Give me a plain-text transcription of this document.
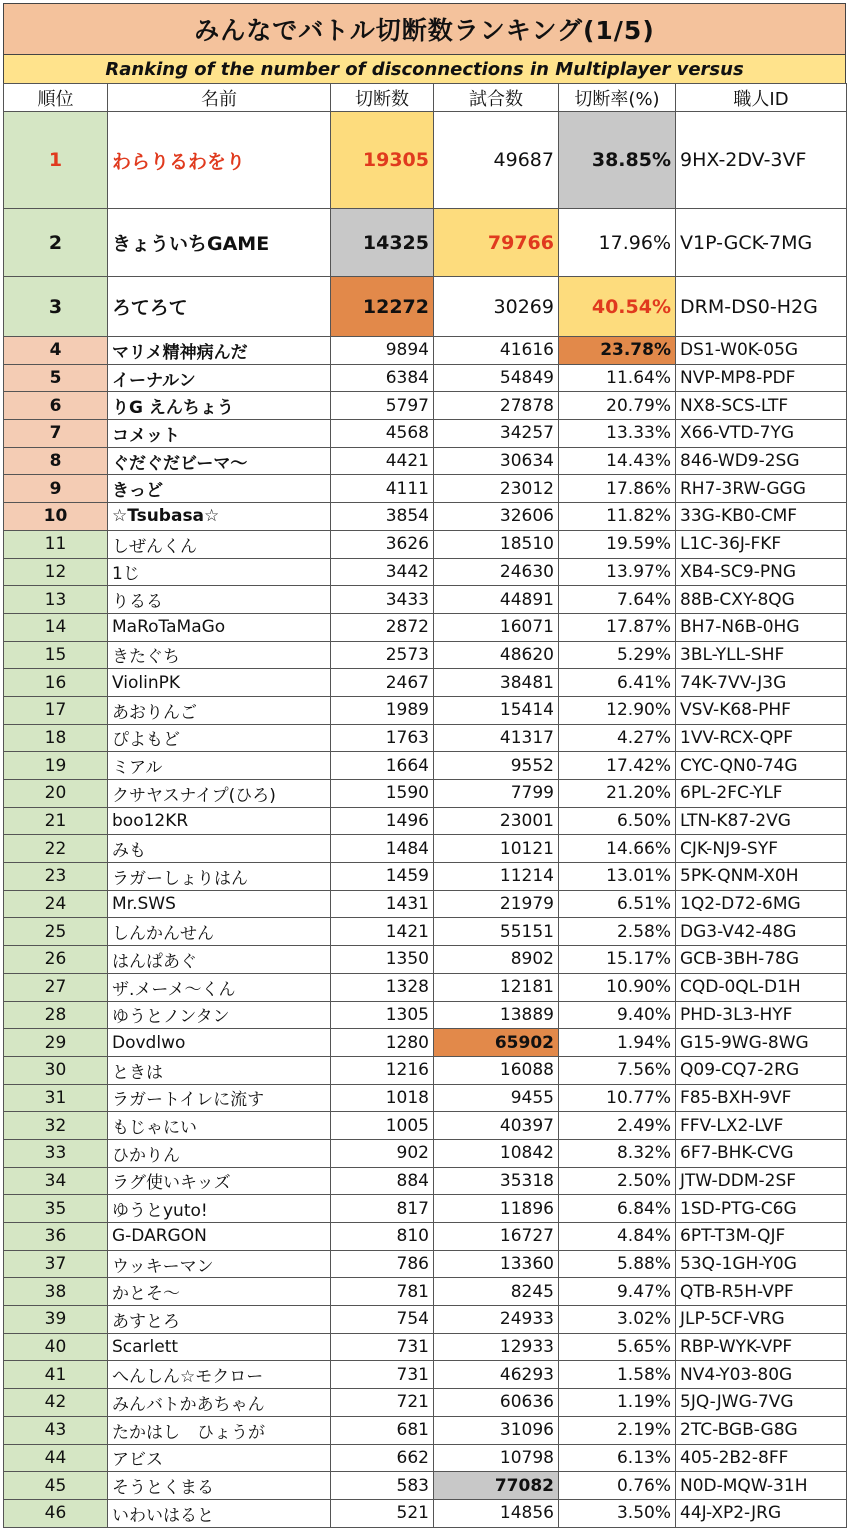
みんなでバトル切断数ランキング(1/5)
Ranking of the number of disconnections in Multiplayer versus
順位	名前	切断数	試合数	切断率(%)	職人ID
1	わらりるわをり	19305	49687	38.85%	9HX-2DV-3VF
2	きょういちGAME	14325	79766	17.96%	V1P-GCK-7MG
3	ろてろて	12272	30269	40.54%	DRM-DS0-H2G
4	マリメ精神病んだ	9894	41616	23.78%	DS1-W0K-05G
5	イーナルン	6384	54849	11.64%	NVP-MP8-PDF
6	りG えんちょう	5797	27878	20.79%	NX8-SCS-LTF
7	コメット	4568	34257	13.33%	X66-VTD-7YG
8	ぐだぐだビーマ〜	4421	30634	14.43%	846-WD9-2SG
9	きっど	4111	23012	17.86%	RH7-3RW-GGG
10	☆Tsubasa☆	3854	32606	11.82%	33G-KB0-CMF
11	しぜんくん	3626	18510	19.59%	L1C-36J-FKF
12	1じ	3442	24630	13.97%	XB4-SC9-PNG
13	りるる	3433	44891	7.64%	88B-CXY-8QG
14	MaRoTaMaGo	2872	16071	17.87%	BH7-N6B-0HG
15	きたぐち	2573	48620	5.29%	3BL-YLL-SHF
16	ViolinPK	2467	38481	6.41%	74K-7VV-J3G
17	あおりんご	1989	15414	12.90%	VSV-K68-PHF
18	ぴよもど	1763	41317	4.27%	1VV-RCX-QPF
19	ミアル	1664	9552	17.42%	CYC-QN0-74G
20	クサヤスナイプ(ひろ)	1590	7799	21.20%	6PL-2FC-YLF
21	boo12KR	1496	23001	6.50%	LTN-K87-2VG
22	みも	1484	10121	14.66%	CJK-NJ9-SYF
23	ラガーしょりはん	1459	11214	13.01%	5PK-QNM-X0H
24	Mr.SWS	1431	21979	6.51%	1Q2-D72-6MG
25	しんかんせん	1421	55151	2.58%	DG3-V42-48G
26	はんぱあぐ	1350	8902	15.17%	GCB-3BH-78G
27	ザ.メーメ〜くん	1328	12181	10.90%	CQD-0QL-D1H
28	ゆうとノンタン	1305	13889	9.40%	PHD-3L3-HYF
29	Dovdlwo	1280	65902	1.94%	G15-9WG-8WG
30	ときは	1216	16088	7.56%	Q09-CQ7-2RG
31	ラガートイレに流す	1018	9455	10.77%	F85-BXH-9VF
32	もじゃにい	1005	40397	2.49%	FFV-LX2-LVF
33	ひかりん	902	10842	8.32%	6F7-BHK-CVG
34	ラグ使いキッズ	884	35318	2.50%	JTW-DDM-2SF
35	ゆうとyuto!	817	11896	6.84%	1SD-PTG-C6G
36	G-DARGON	810	16727	4.84%	6PT-T3M-QJF
37	ウッキーマン	786	13360	5.88%	53Q-1GH-Y0G
38	かとそ〜	781	8245	9.47%	QTB-R5H-VPF
39	あすとろ	754	24933	3.02%	JLP-5CF-VRG
40	Scarlett	731	12933	5.65%	RBP-WYK-VPF
41	へんしん☆モクロー	731	46293	1.58%	NV4-Y03-80G
42	みんバトかあちゃん	721	60636	1.19%	5JQ-JWG-7VG
43	たかはし　ひょうが	681	31096	2.19%	2TC-BGB-G8G
44	アビス	662	10798	6.13%	405-2B2-8FF
45	そうとくまる	583	77082	0.76%	N0D-MQW-31H
46	いわいはると	521	14856	3.50%	44J-XP2-JRG
